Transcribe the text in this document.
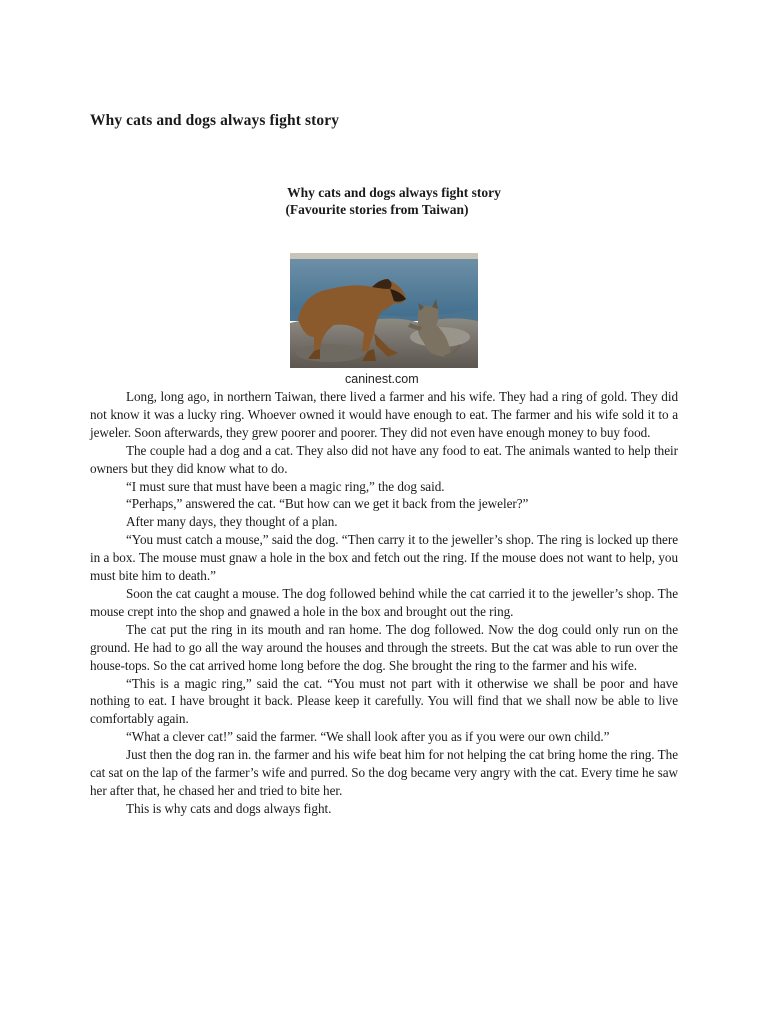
Why cats and dogs always fight story
Why cats and dogs always fight story
(Favourite stories from Taiwan)
caninest.com

Long, long ago, in northern Taiwan, there lived a farmer and his wife. They had a ring of gold. They did not know it was a lucky ring. Whoever owned it would have enough to eat. The farmer and his wife sold it to a jeweler. Soon afterwards, they grew poorer and poorer. They did not even have enough money to buy food.

The couple had a dog and a cat. They also did not have any food to eat. The animals wanted to help their owners but they did know what to do.

“I must sure that must have been a magic ring,” the dog said.

“Perhaps,” answered the cat. “But how can we get it back from the jeweler?”

After many days, they thought of a plan.

“You must catch a mouse,” said the dog. “Then carry it to the jeweller’s shop. The ring is locked up there in a box. The mouse must gnaw a hole in the box and fetch out the ring. If the mouse does not want to help, you must bite him to death.”

Soon the cat caught a mouse. The dog followed behind while the cat carried it to the jeweller’s shop. The mouse crept into the shop and gnawed a hole in the box and brought out the ring.

The cat put the ring in its mouth and ran home. The dog followed. Now the dog could only run on the ground. He had to go all the way around the houses and through the streets. But the cat was able to run over the house-tops. So the cat arrived home long before the dog. She brought the ring to the farmer and his wife.

“This is a magic ring,” said the cat. “You must not part with it otherwise we shall be poor and have nothing to eat. I have brought it back. Please keep it carefully. You will find that we shall now be able to live comfortably again.

“What a clever cat!” said the farmer. “We shall look after you as if you were our own child.”

Just then the dog ran in. the farmer and his wife beat him for not helping the cat bring home the ring. The cat sat on the lap of the farmer’s wife and purred. So the dog became very angry with the cat. Every time he saw her after that, he chased her and tried to bite her.

This is why cats and dogs always fight.
